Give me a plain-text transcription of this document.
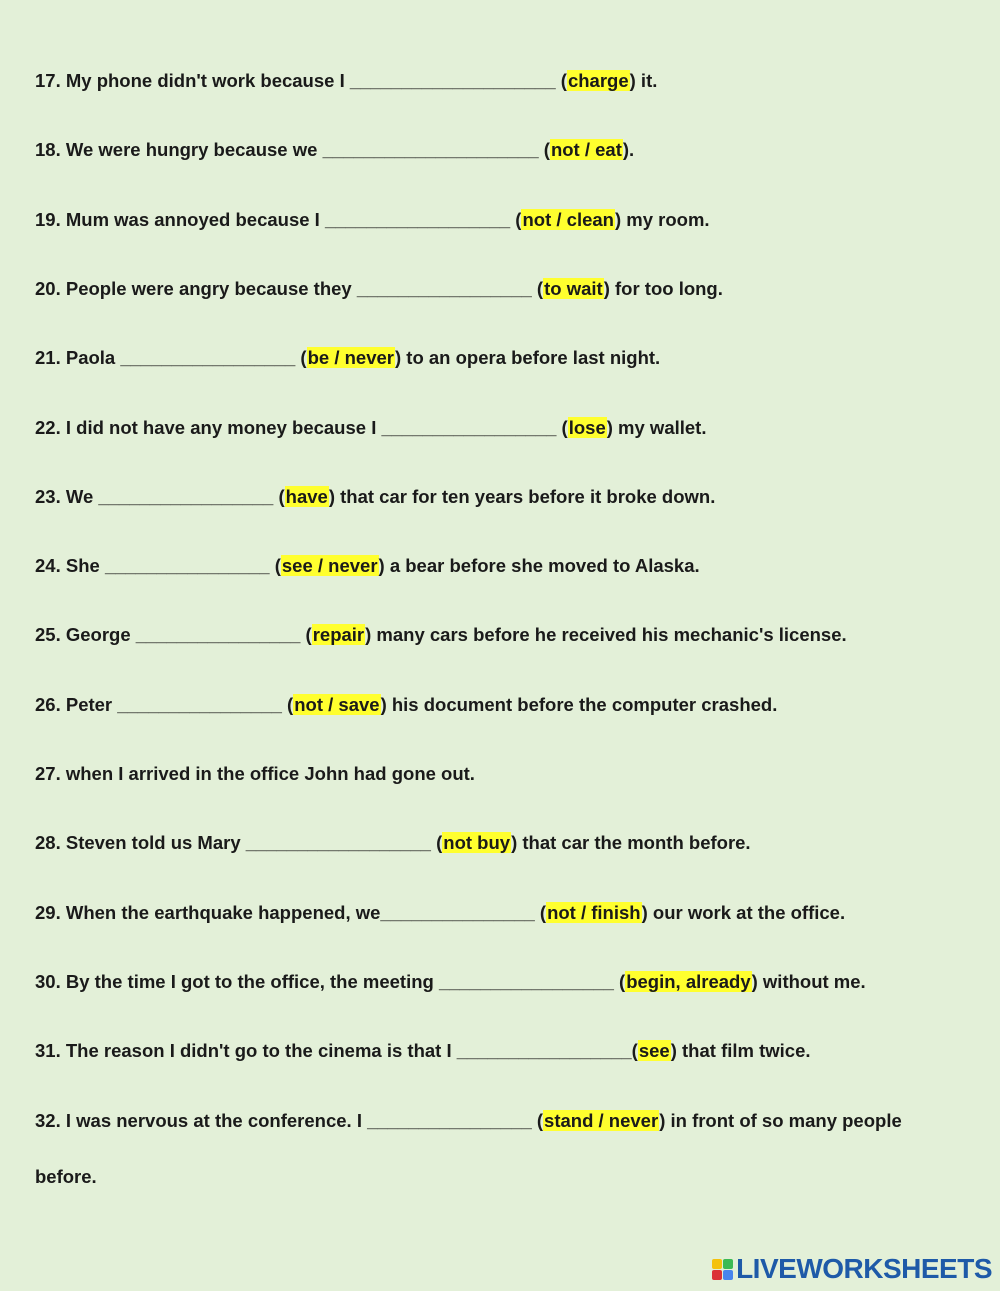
17. My phone didn't work because I ____________________ (charge) it.
18. We were hungry because we _____________________ (not / eat).
19. Mum was annoyed because I __________________ (not / clean) my room.
20. People were angry because they _________________ (to wait) for too long.
21. Paola _________________ (be / never) to an opera before last night.
22. I did not have any money because I _________________ (lose) my wallet.
23. We _________________ (have) that car for ten years before it broke down.
24. She ________________ (see / never) a bear before she moved to Alaska.
25. George ________________ (repair) many cars before he received his mechanic's license.
26. Peter ________________ (not / save) his document before the computer crashed.
27. when I arrived in the office John had gone out.
28. Steven told us Mary __________________ (not buy) that car the month before.
29. When the earthquake happened, we_______________ (not / finish) our work at the office.
30. By the time I got to the office, the meeting _________________ (begin, already) without me.
31. The reason I didn't go to the cinema is that I _________________(see) that film twice.
32. I was nervous at the conference. I ________________ (stand / never) in front of so many people
before.
LIVEWORKSHEETS
